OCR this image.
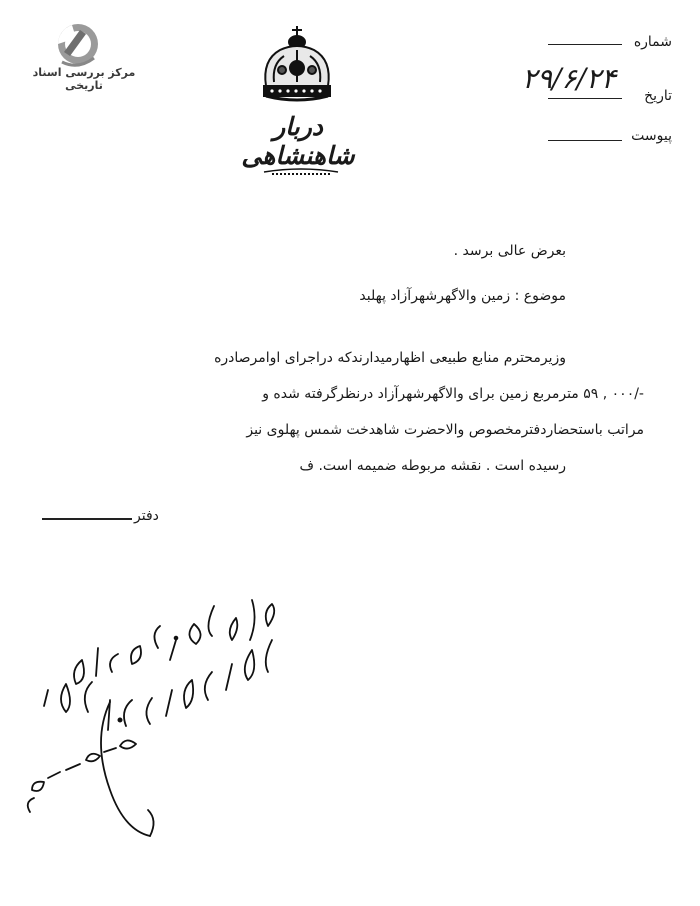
مرکز بررسی اسناد تاریخی
دربار شاهنشاهی
شماره
تاریخ
۲۹/۶/۲۴
پیوست
بعرض عالی برسد .
موضوع : زمین والاگهرشهرآزاد پهلبد
وزیرمحترم منابع طبیعی اظهارمیدارندکه دراجرای اوامرصادره
-/۰۰۰ , ۵۹ مترمربع زمین برای والاگهرشهرآزاد درنظرگرفته شده و
مراتب باستحضاردفترمخصوص والاحضرت شاهدخت شمس پهلوی نیز
رسیده است . نقشه مربوطه ضمیمه است. ف
دفتر
